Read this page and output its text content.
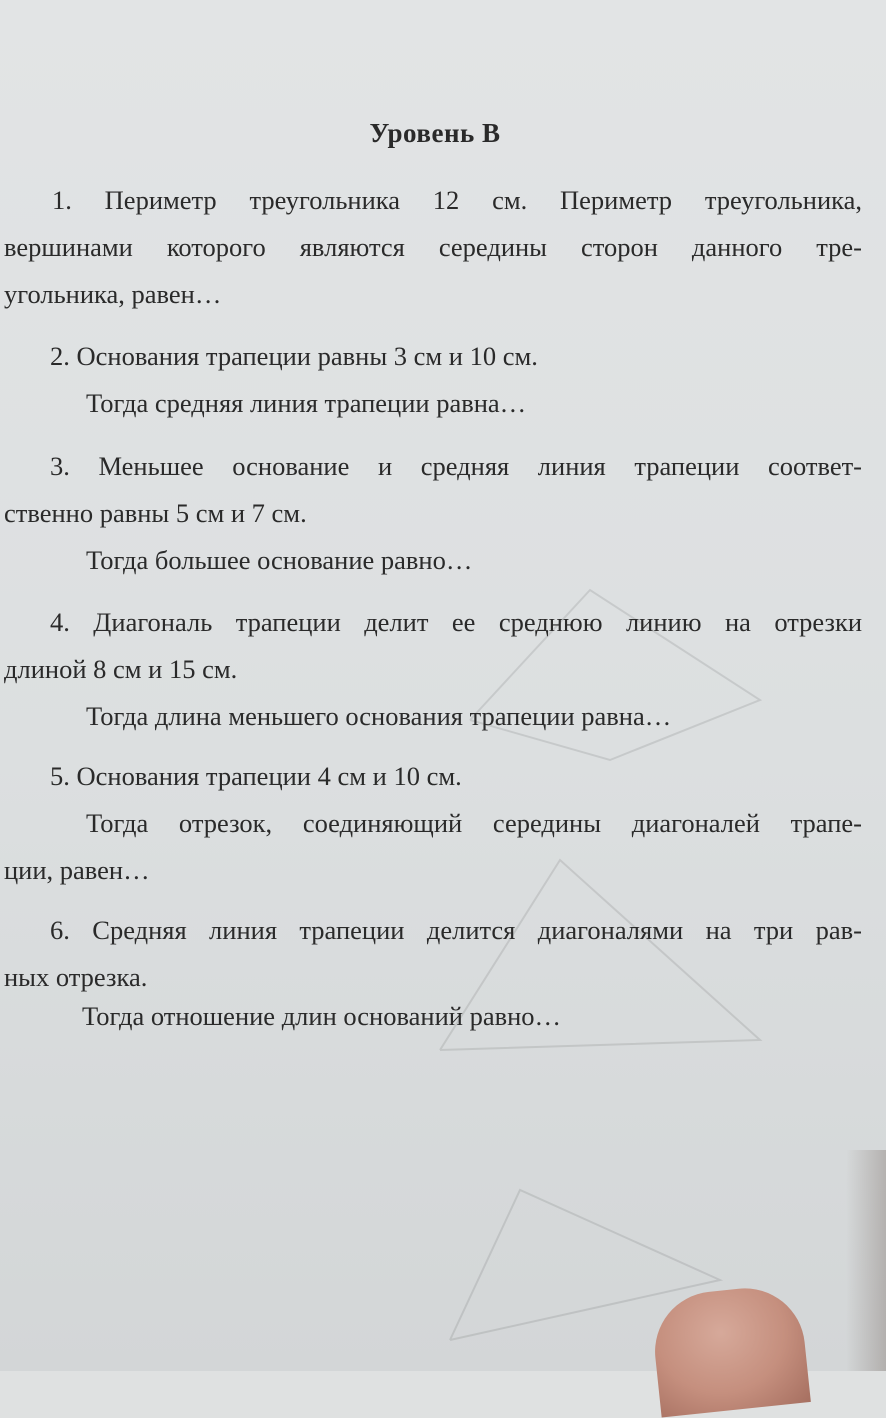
Уровень В
1. Периметр треугольника 12 см. Периметр треугольника,
вершинами которого являются середины сторон данного тре-
угольника, равен…
2. Основания трапеции равны 3 см и 10 см.
Тогда средняя линия трапеции равна…
3. Меньшее основание и средняя линия трапеции соответ-
ственно равны 5 см и 7 см.
Тогда большее основание равно…
4. Диагональ трапеции делит ее среднюю линию на отрезки
длиной 8 см и 15 см.
Тогда длина меньшего основания трапеции равна…
5. Основания трапеции 4 см и 10 см.
Тогда отрезок, соединяющий середины диагоналей трапе-
ции, равен…
6. Средняя линия трапеции делится диагоналями на три рав-
ных отрезка.
Тогда отношение длин оснований равно…
